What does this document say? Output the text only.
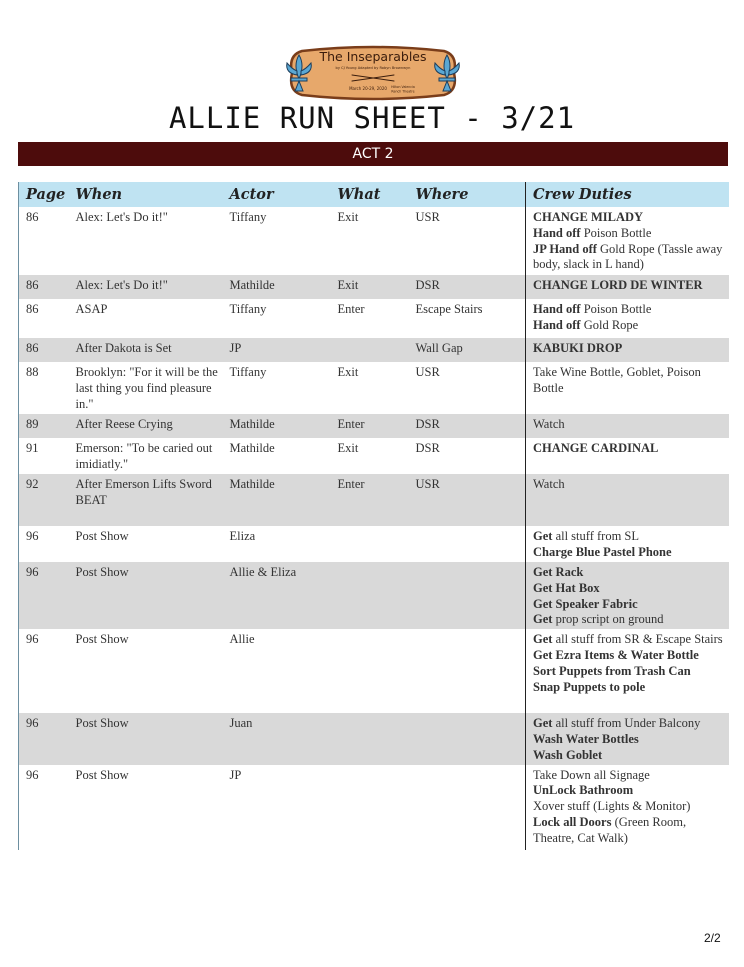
The Inseparables
by CJ Young Adapted by Robyn Brownwyn
March 20-29, 2020 Hilton Valencia
Ranch Theatre
ALLIE RUN SHEET - 3/21
ACT 2
Page	When	Actor	What	Where	Crew Duties

86	Alex: Let's Do it!"	Tiffany	Exit	USR	CHANGE MILADY
Hand off Poison Bottle
JP Hand off Gold Rope (Tassle away body, slack in L hand)

86	Alex: Let's Do it!"	Mathilde	Exit	DSR	CHANGE LORD DE WINTER

86	ASAP	Tiffany	Enter	Escape Stairs	Hand off Poison Bottle
Hand off Gold Rope

86	After Dakota is Set	JP		Wall Gap	KABUKI DROP

88	Brooklyn: "For it will be the last thing you find pleasure in."	Tiffany	Exit	USR	Take Wine Bottle, Goblet, Poison Bottle

89	After Reese Crying	Mathilde	Enter	DSR	Watch

91	Emerson: "To be caried out imidiatly."	Mathilde	Exit	DSR	CHANGE CARDINAL

92	After Emerson Lifts Sword
BEAT	Mathilde	Enter	USR	Watch

96	Post Show	Eliza			Get all stuff from SL
Charge Blue Pastel Phone

96	Post Show	Allie & Eliza			Get Rack
Get Hat Box
Get Speaker Fabric
Get prop script on ground

96	Post Show	Allie			Get all stuff from SR & Escape Stairs
Get Ezra Items & Water Bottle
Sort Puppets from Trash Can
Snap Puppets to pole

96	Post Show	Juan			Get all stuff from Under Balcony
Wash Water Bottles
Wash Goblet

96	Post Show	JP			Take Down all Signage
UnLock Bathroom
Xover stuff (Lights & Monitor)
Lock all Doors (Green Room, Theatre, Cat Walk)
2/2
